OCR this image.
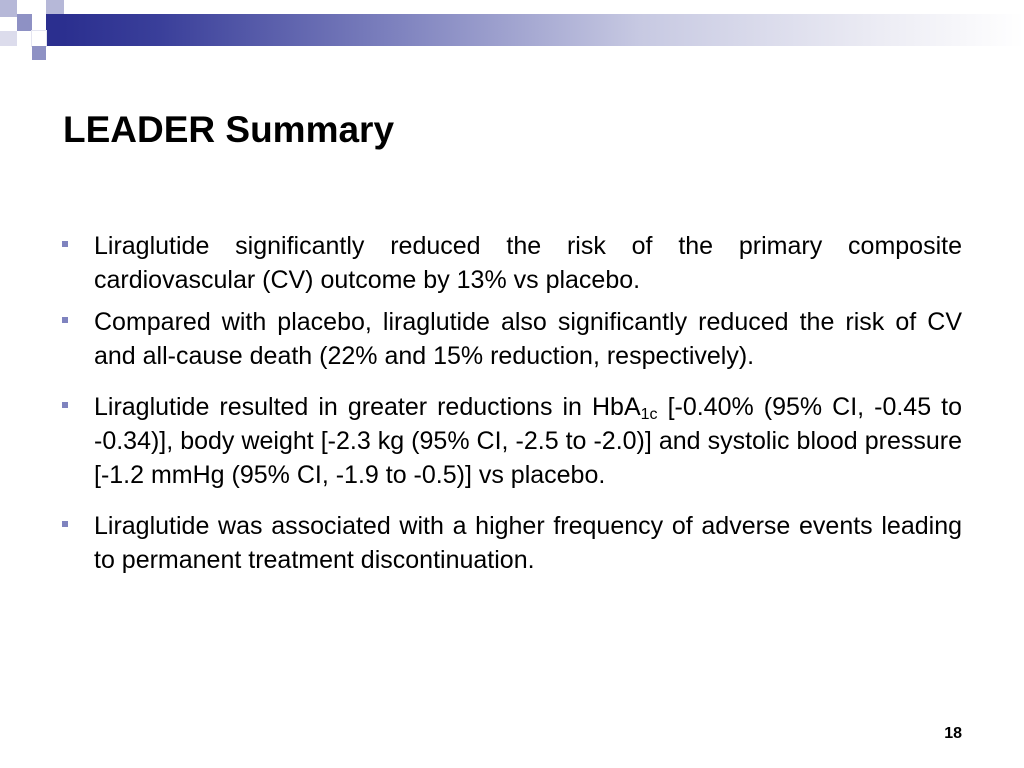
LEADER Summary
Liraglutide significantly reduced the risk of the primary composite cardiovascular (CV) outcome by 13% vs placebo.
Compared with placebo, liraglutide also significantly reduced the risk of CV and all-cause death (22% and 15% reduction, respectively).
Liraglutide resulted in greater reductions in HbA$_{1c}$ [-0.40% (95% CI, -0.45 to -0.34)], body weight [-2.3 kg (95% CI, -2.5 to -2.0)] and systolic blood pressure [-1.2 mmHg (95% CI, -1.9 to -0.5)] vs placebo.
Liraglutide was associated with a higher frequency of adverse events leading to permanent treatment discontinuation.
18
